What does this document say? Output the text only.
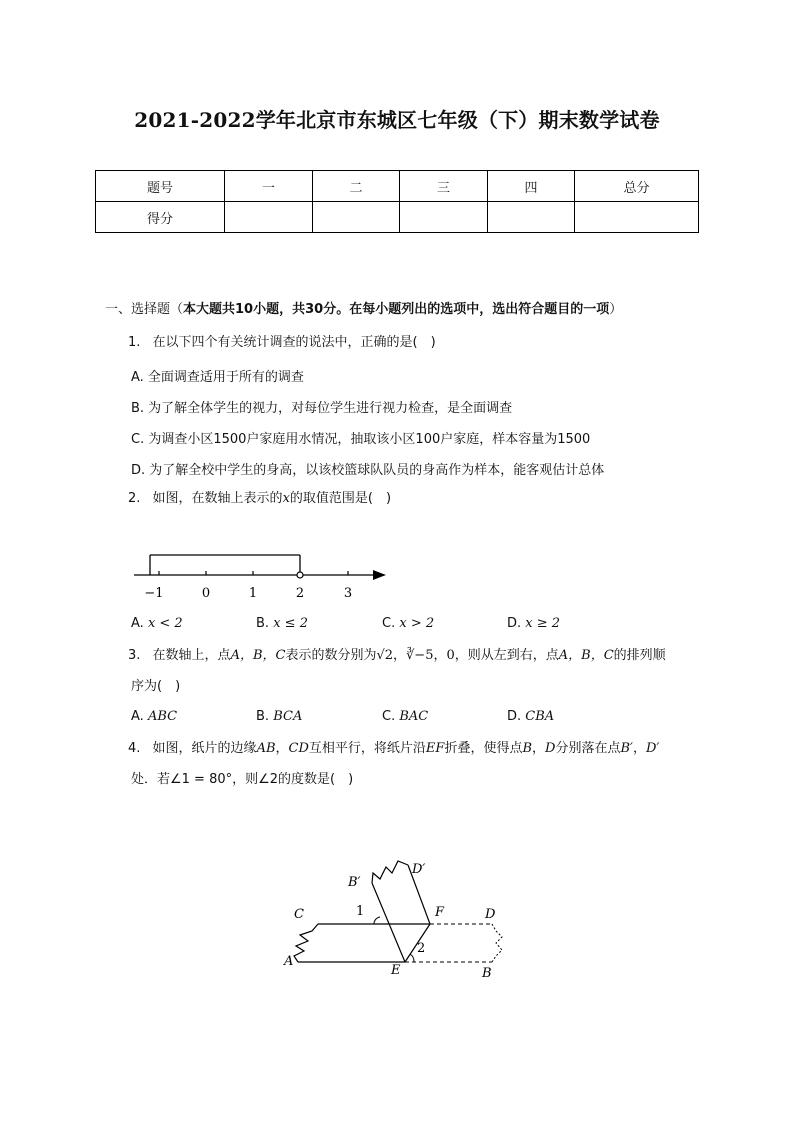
2021-2022学年北京市东城区七年级（下）期末数学试卷
题号	一	二	三	四	总分
得分					
一、选择题（本大题共10小题，共30分。在每小题列出的选项中，选出符合题目的一项）
1. 在以下四个有关统计调查的说法中，正确的是(　)
A. 全面调查适用于所有的调查
B. 为了解全体学生的视力，对每位学生进行视力检查，是全面调查
C. 为调查小区1500户家庭用水情况，抽取该小区100户家庭，样本容量为1500
D. 为了解全校中学生的身高，以该校篮球队队员的身高作为样本，能客观估计总体
2. 如图，在数轴上表示的x的取值范围是(　)
−1	0	1	2	3
A. x < 2	B. x ≤ 2	C. x > 2	D. x ≥ 2
3. 在数轴上，点A，B，C表示的数分别为√2，∛−5，0，则从左到右，点A，B，C的排列顺
序为(　)
A. ABC	B. BCA	C. BAC	D. CBA
4. 如图，纸片的边缘AB，CD互相平行，将纸片沿EF折叠，使得点B，D分别落在点B′，D′
处．若∠1 = 80°，则∠2的度数是(　)
B′
D′
C	1	F	D
2
A
E	B
